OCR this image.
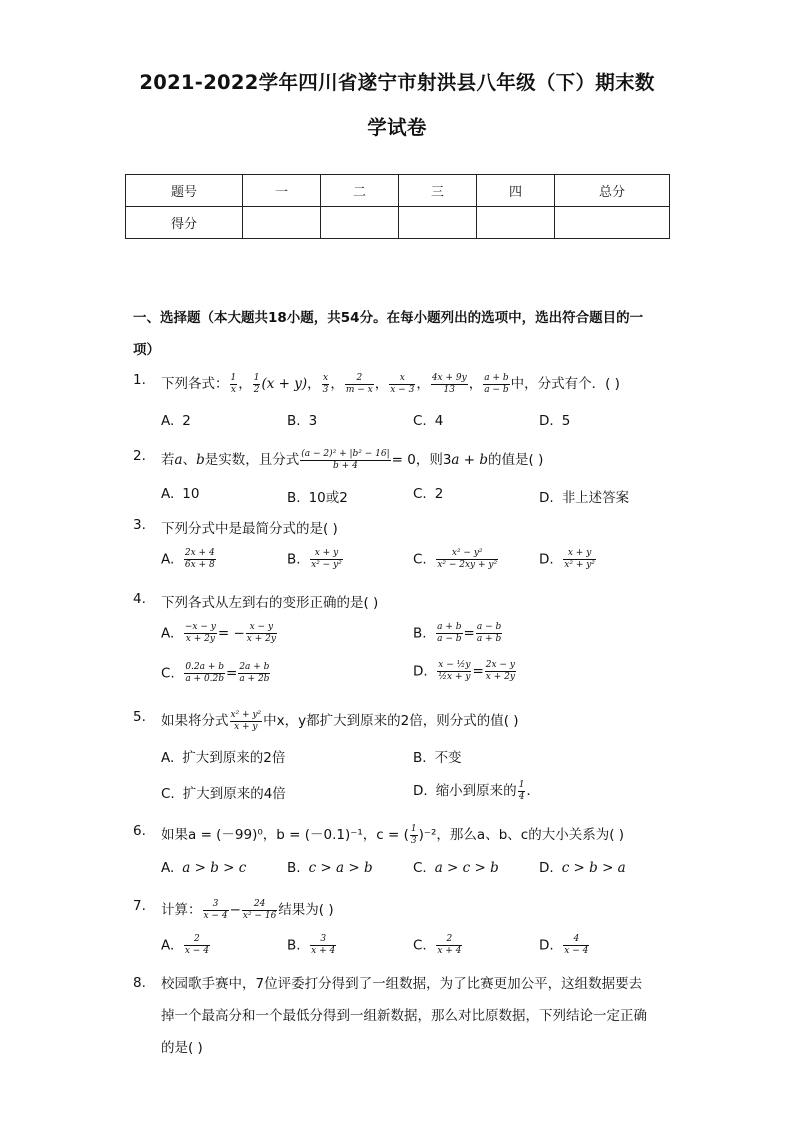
2021-2022学年四川省遂宁市射洪县八年级（下）期末数
学试卷
题号	一	二	三	四	总分
得分					
一、选择题（本大题共18小题，共54分。在每小题列出的选项中，选出符合题目的一
项）
1. 下列各式： $\frac{1}{x}$ ， $\frac{1}{2} (x + y)$， $\frac{x}{3}$ ， $\frac{2}{m - x}$ ， $\frac{x}{x - 3}$ ， $\frac{4x + 9y}{13}$ ， $\frac{a + b}{a - b}$ 中，分式有个．( )
A. 2	B. 3	C. 4	D. 5
2. 若a、b是实数，且分式 $\frac{\text{(a − 2)² + |b² − 16|}}{b + 4} = 0$，则3a + b的值是( )
A. 10	B. 10或2	C. 2	D. 非上述答案
3. 下列分式中是最简分式的是( )
A. $\frac{2x + 4}{6x + 8}$	B. $\frac{x + y}{\text{x² − y²}}$	C. $\frac{\text{x² − y²}}{\text{x² − 2xy + y²}}$	D. $\frac{x + y}{\text{x² + y²}}$
4. 下列各式从左到右的变形正确的是( )
A. $\frac{-x - y}{x + 2y}$ = − $\frac{x - y}{x + 2y}$	B. $\frac{a + b}{a - b} = \frac{a - b}{a + b}$
C. $\frac{0.2a + b}{a + 0.2b} = \frac{2a + b}{a + 2b}$	D. $\frac{\text{x − ½y}}{\text{½x + y}} = \frac{2x - y}{x + 2y}$
5. 如果将分式 $\frac{\text{x² + y²}}{x + y}$ 中x，y都扩大到原来的2倍，则分式的值( )
A. 扩大到原来的2倍	B. 不变
C. 扩大到原来的4倍	D. 缩小到原来的 $\frac{1}{4}$ .
6. 如果a = (－99)⁰，b = (－0.1)⁻¹，c = ( $\frac{1}{3} )^{-2}$，那么a、b、c的大小关系为( )
A. a > b > c	B. c > a > b	C. a > c > b	D. c > b > a
7. 计算： $\frac{3}{x - 4} - \frac{24}{\text{x² − 16}}$ 结果为( )
A. $\frac{2}{x - 4}$	B. $\frac{3}{x + 4}$	C. $\frac{2}{x + 4}$	D. $\frac{4}{x - 4}$
8. 校园歌手赛中，7位评委打分得到了一组数据，为了比赛更加公平，这组数据要去
掉一个最高分和一个最低分得到一组新数据，那么对比原数据，下列结论一定正确
的是( )
